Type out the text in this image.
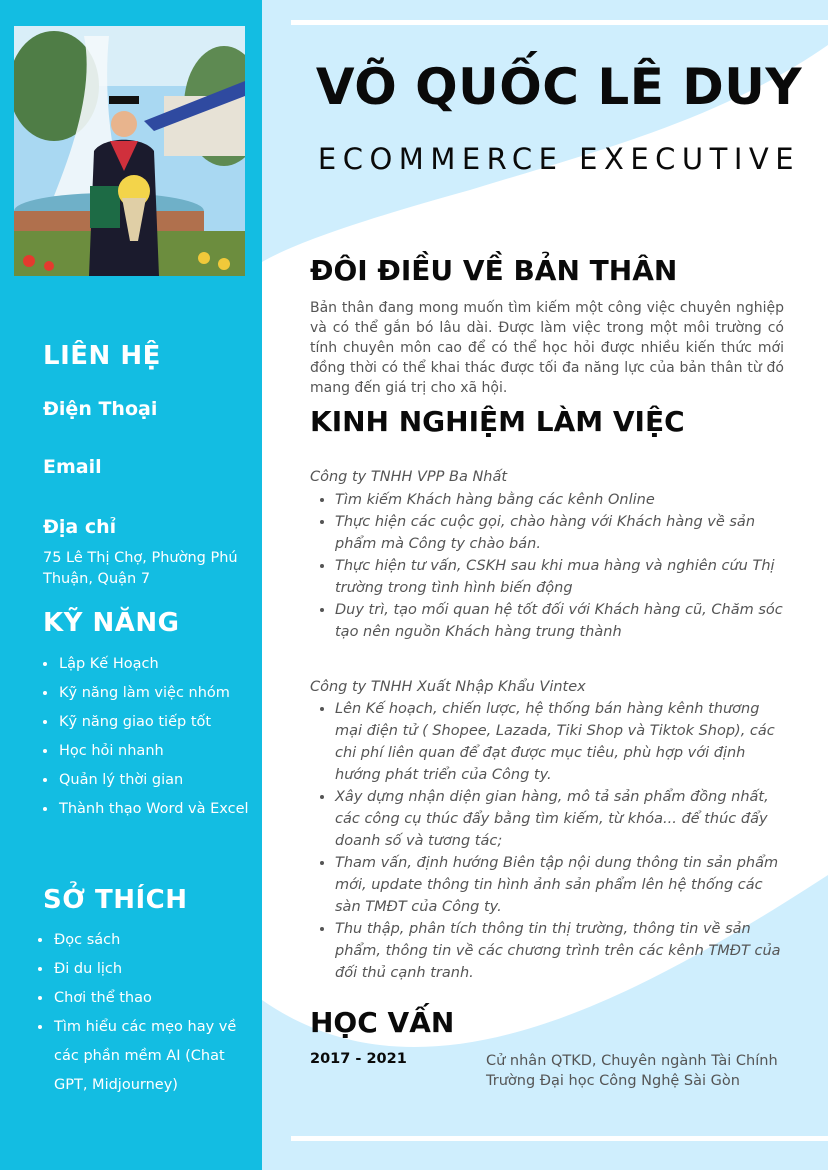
LIÊN HỆ
Điện Thoại
Email
Địa chỉ

75 Lê Thị Chợ, Phường Phú Thuận, Quận 7

KỸ NĂNG
• Lập Kế Hoạch
• Kỹ năng làm việc nhóm
• Kỹ năng giao tiếp tốt
• Học hỏi nhanh
• Quản lý thời gian
• Thành thạo Word và Excel
SỞ THÍCH
• Đọc sách
• Đi du lịch
• Chơi thể thao
• Tìm hiểu các mẹo hay về các phần mềm AI (Chat GPT, Midjourney)
VÕ QUỐC LÊ DUY

ECOMMERCE EXECUTIVE

ĐÔI ĐIỀU VỀ BẢN THÂN

Bản thân đang mong muốn tìm kiếm một công việc chuyên nghiệp và có thể gắn bó lâu dài. Được làm việc trong một môi trường có tính chuyên môn cao để có thể học hỏi được nhiều kiến thức mới đồng thời có thể khai thác được tối đa năng lực của bản thân từ đó mang đến giá trị cho xã hội.

KINH NGHIỆM LÀM VIỆC

Công ty TNHH VPP Ba Nhất

• Tìm kiếm Khách hàng bằng các kênh Online
• Thực hiện các cuộc gọi, chào hàng với Khách hàng về sản phẩm mà Công ty chào bán.
• Thực hiện tư vấn, CSKH sau khi mua hàng và nghiên cứu Thị trường trong tình hình biến động
• Duy trì, tạo mối quan hệ tốt đối với Khách hàng cũ, Chăm sóc tạo nên nguồn Khách hàng trung thành

Công ty TNHH Xuất Nhập Khẩu Vintex

• Lên Kế hoạch, chiến lược, hệ thống bán hàng kênh thương mại điện tử ( Shopee, Lazada, Tiki Shop và Tiktok Shop), các chi phí liên quan để đạt được mục tiêu, phù hợp với định hướng phát triển của Công ty.
• Xây dựng nhận diện gian hàng, mô tả sản phẩm đồng nhất, các công cụ thúc đẩy bằng tìm kiếm, từ khóa... để thúc đẩy doanh số và tương tác;
• Tham vấn, định hướng Biên tập nội dung thông tin sản phẩm mới, update thông tin hình ảnh sản phẩm lên hệ thống các sàn TMĐT của Công ty.
• Thu thập, phân tích thông tin thị trường, thông tin về sản phẩm, thông tin về các chương trình trên các kênh TMĐT của đối thủ cạnh tranh.
HỌC VẤN

2017 - 2021	Cử nhân QTKD, Chuyên ngành Tài Chính
Trường Đại học Công Nghệ Sài Gòn
